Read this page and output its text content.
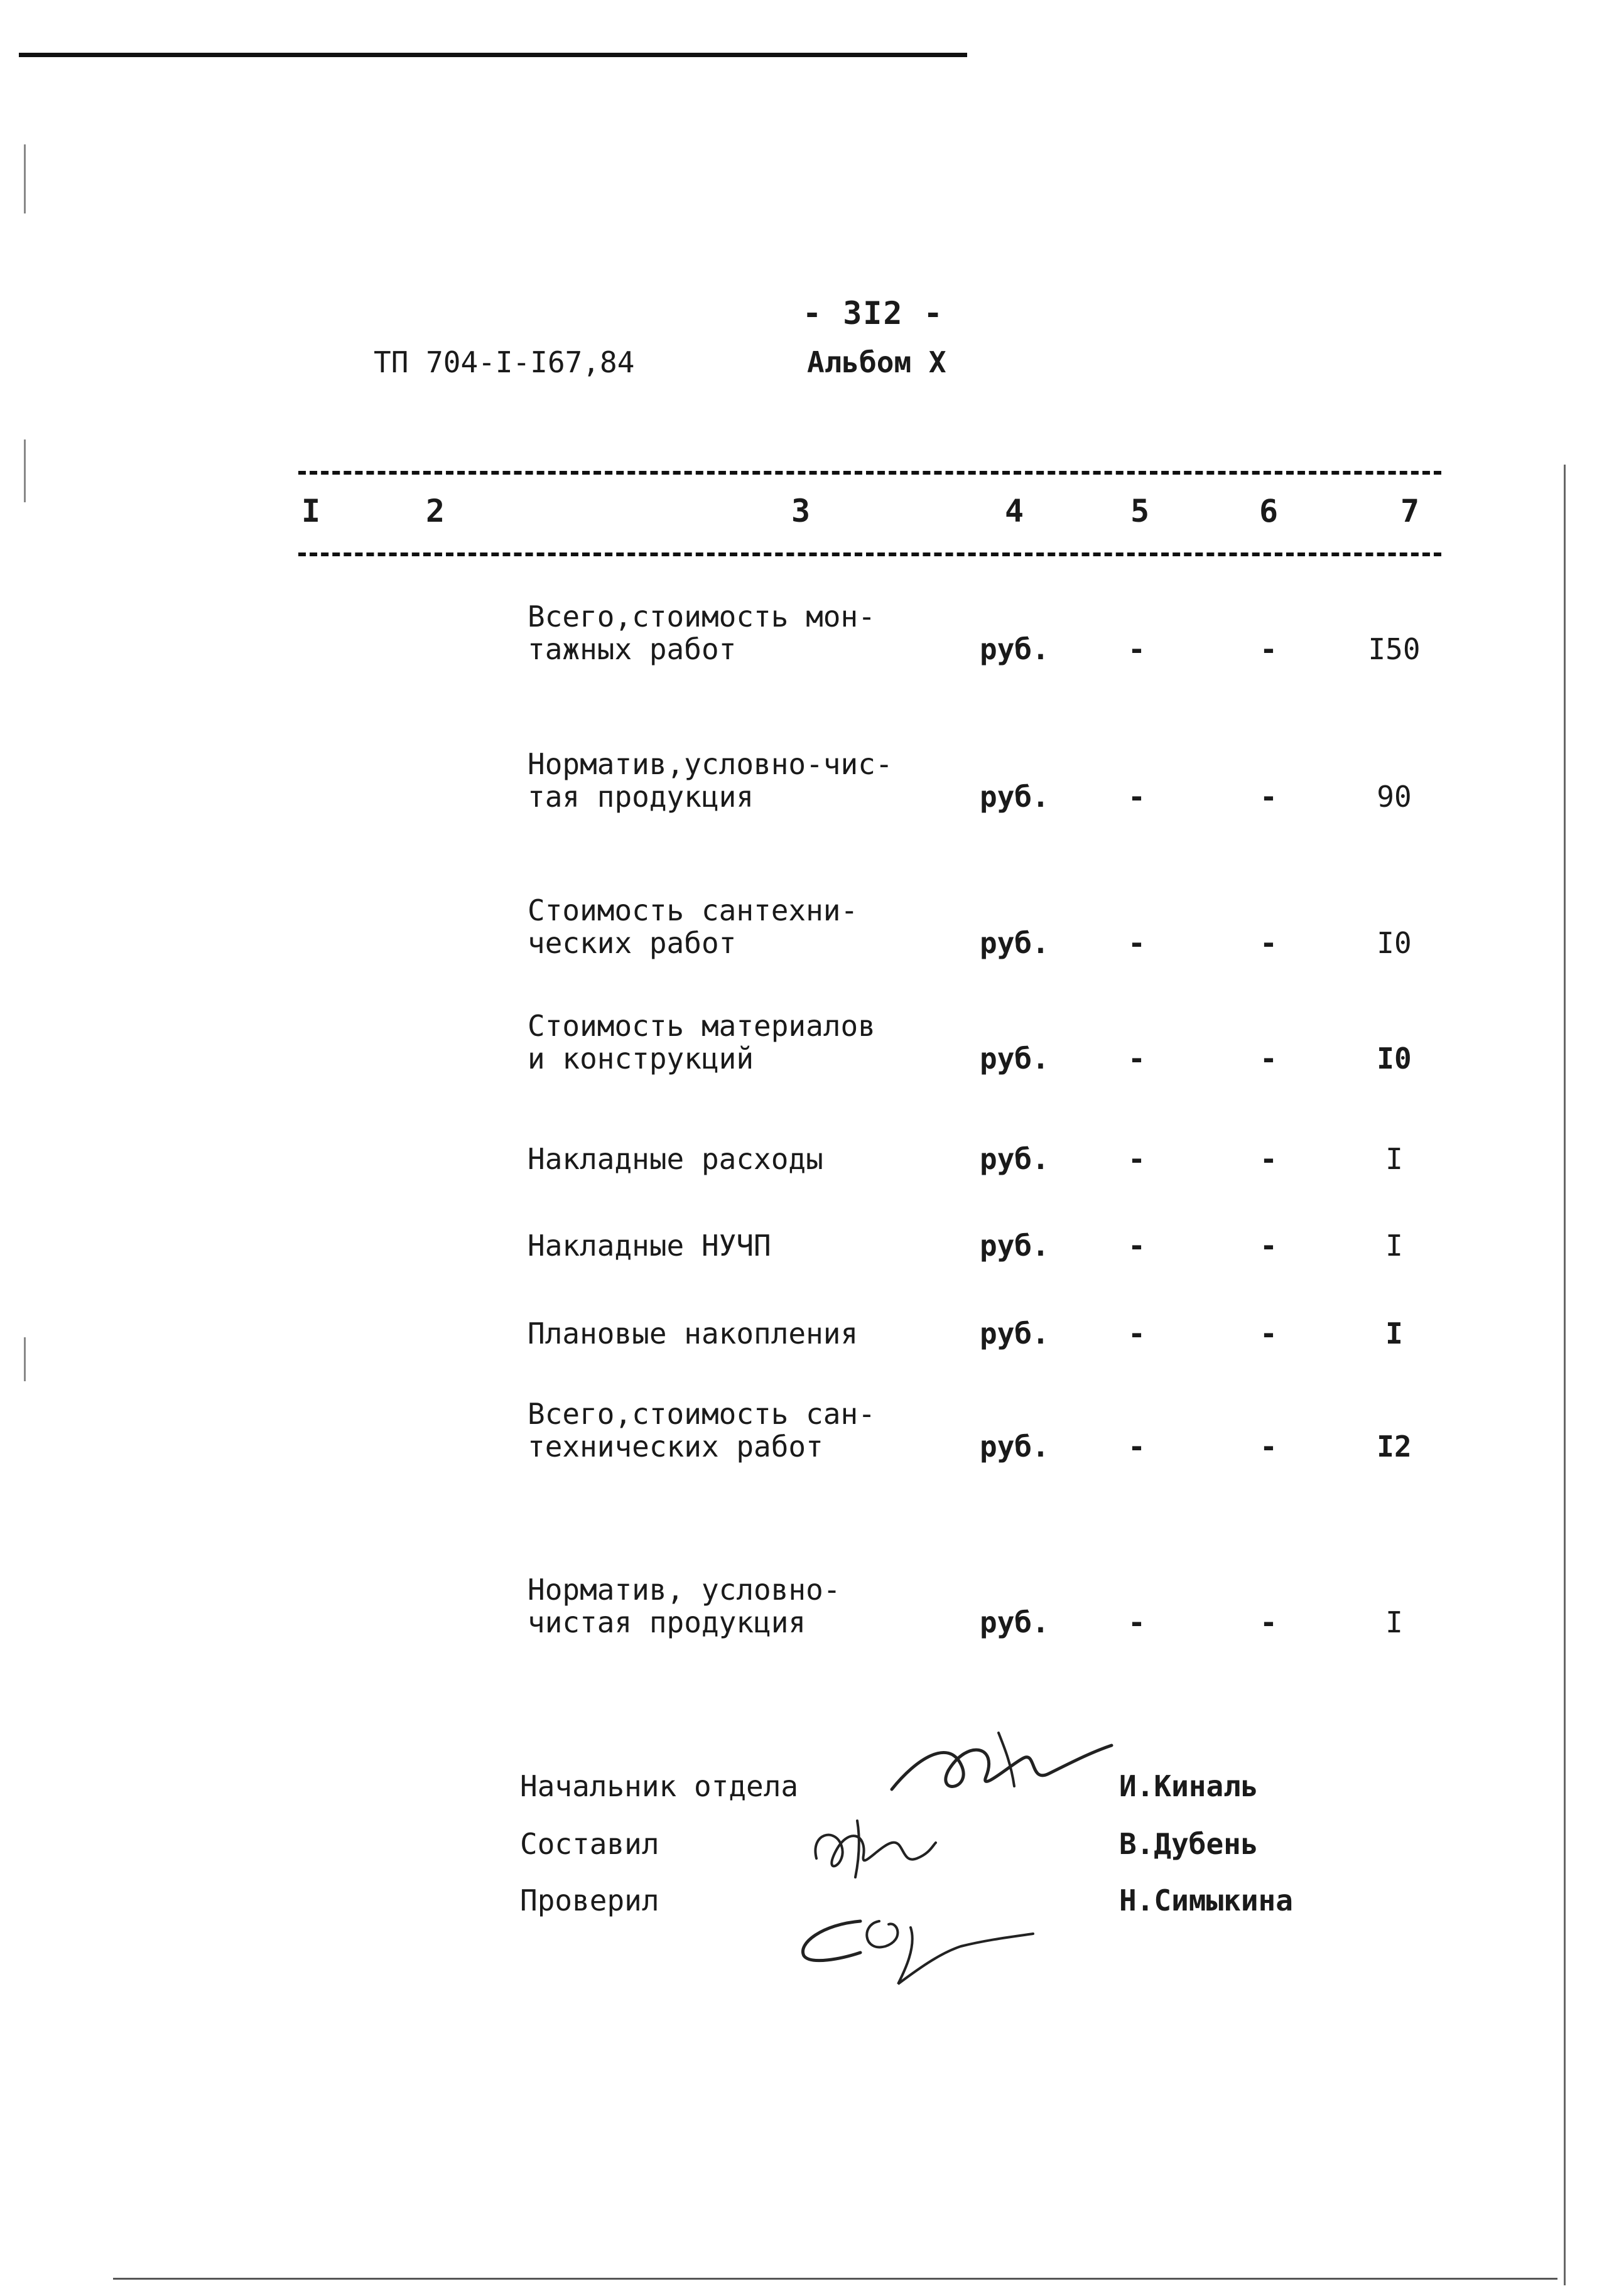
- 3I2 -
ТП 704-I-I67,84	Альбом X
I	2	3	4	5	6	7
Всего,стоимость мон-
тажных работ	руб.	-	-	I50
Норматив,условно-чис-
тая продукция	руб.	-	-	90
Стоимость сантехни-
ческих работ	руб.	-	-	I0
Стоимость материалов
и конструкций	руб.	-	-	I0
Накладные расходы	руб.	-	-	I
Накладные НУЧП	руб.	-	-	I
Плановые накопления	руб.	-	-	I
Всего,стоимость сан-
технических работ	руб.	-	-	I2
Норматив, условно-
чистая продукция	руб.	-	-	I
Начальник отдела	И.Киналь
Составил	В.Дубень
Проверил	Н.Симыкина
